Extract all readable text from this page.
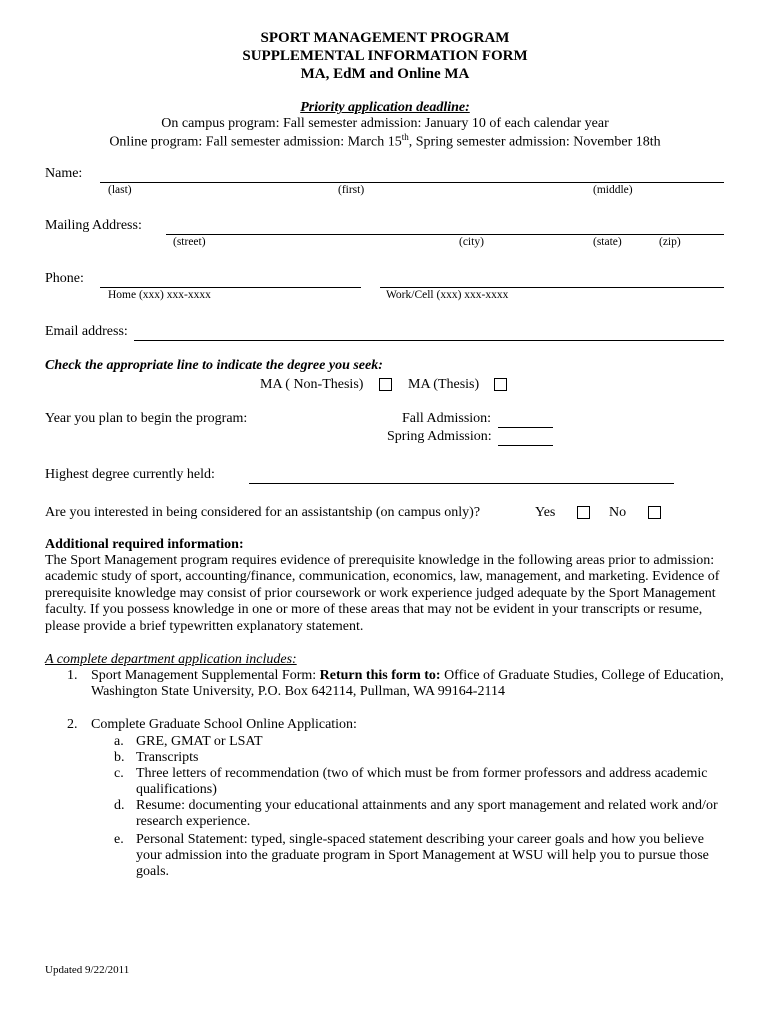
SPORT MANAGEMENT PROGRAM
SUPPLEMENTAL INFORMATION FORM
MA, EdM and Online MA
Priority application deadline:
On campus program: Fall semester admission: January 10 of each calendar year
Online program: Fall semester admission: March 15th, Spring semester admission: November 18th
Name:
(last)	(first)	(middle)
Mailing Address:
(street)	(city)	(state)	(zip)
Phone:
Home (xxx) xxx-xxxx	Work/Cell (xxx) xxx-xxxx
Email address:
Check the appropriate line to indicate the degree you seek:
MA ( Non-Thesis)	MA (Thesis)
Year you plan to begin the program:	Fall Admission:
Spring Admission:
Highest degree currently held:
Are you interested in being considered for an assistantship (on campus only)?	Yes	No
Additional required information:
The Sport Management program requires evidence of prerequisite knowledge in the following areas prior to admission:
academic study of sport, accounting/finance, communication, economics, law, management, and marketing. Evidence of
prerequisite knowledge may consist of prior coursework or work experience judged adequate by the Sport Management
faculty. If you possess knowledge in one or more of these areas that may not be evident in your transcripts or resume,
please provide a brief typewritten explanatory statement.
A complete department application includes:
1. Sport Management Supplemental Form: Return this form to: Office of Graduate Studies, College of Education,
Washington State University, P.O. Box 642114, Pullman, WA 99164-2114
2. Complete Graduate School Online Application:
a. GRE, GMAT or LSAT
b. Transcripts
c. Three letters of recommendation (two of which must be from former professors and address academic
qualifications)
d. Resume: documenting your educational attainments and any sport management and related work and/or
research experience.
e. Personal Statement: typed, single-spaced statement describing your career goals and how you believe
your admission into the graduate program in Sport Management at WSU will help you to pursue those
goals.
Updated 9/22/2011
